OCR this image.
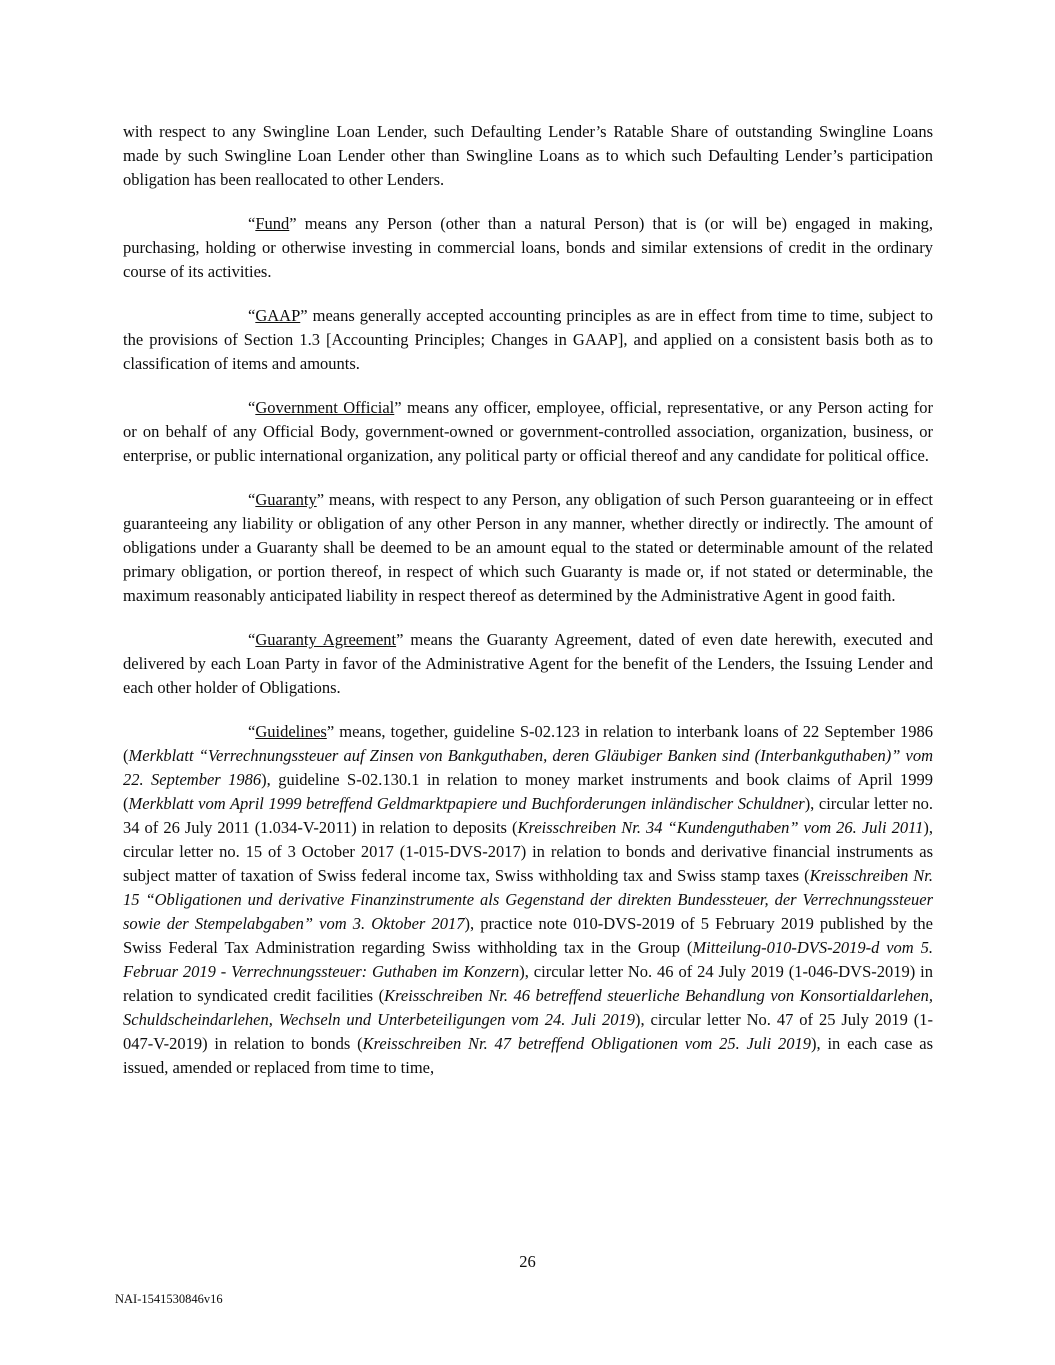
with respect to any Swingline Loan Lender, such Defaulting Lender’s Ratable Share of outstanding Swingline Loans made by such Swingline Loan Lender other than Swingline Loans as to which such Defaulting Lender’s participation obligation has been reallocated to other Lenders.

“Fund” means any Person (other than a natural Person) that is (or will be) engaged in making, purchasing, holding or otherwise investing in commercial loans, bonds and similar extensions of credit in the ordinary course of its activities.

“GAAP” means generally accepted accounting principles as are in effect from time to time, subject to the provisions of Section 1.3 [Accounting Principles; Changes in GAAP], and applied on a consistent basis both as to classification of items and amounts.

“Government Official” means any officer, employee, official, representative, or any Person acting for or on behalf of any Official Body, government-owned or government-controlled association, organization, business, or enterprise, or public international organization, any political party or official thereof and any candidate for political office.

“Guaranty” means, with respect to any Person, any obligation of such Person guaranteeing or in effect guaranteeing any liability or obligation of any other Person in any manner, whether directly or indirectly. The amount of obligations under a Guaranty shall be deemed to be an amount equal to the stated or determinable amount of the related primary obligation, or portion thereof, in respect of which such Guaranty is made or, if not stated or determinable, the maximum reasonably anticipated liability in respect thereof as determined by the Administrative Agent in good faith.

“Guaranty Agreement” means the Guaranty Agreement, dated of even date herewith, executed and delivered by each Loan Party in favor of the Administrative Agent for the benefit of the Lenders, the Issuing Lender and each other holder of Obligations.

“Guidelines” means, together, guideline S-02.123 in relation to interbank loans of 22 September 1986 (Merkblatt “Verrechnungssteuer auf Zinsen von Bankguthaben, deren Gläubiger Banken sind (Interbankguthaben)” vom 22. September 1986), guideline S-02.130.1 in relation to money market instruments and book claims of April 1999 (Merkblatt vom April 1999 betreffend Geldmarktpapiere und Buchforderungen inländischer Schuldner), circular letter no. 34 of 26 July 2011 (1.034-V-2011) in relation to deposits (Kreisschreiben Nr. 34 “Kundenguthaben” vom 26. Juli 2011), circular letter no. 15 of 3 October 2017 (1-015-DVS-2017) in relation to bonds and derivative financial instruments as subject matter of taxation of Swiss federal income tax, Swiss withholding tax and Swiss stamp taxes (Kreisschreiben Nr. 15 “Obligationen und derivative Finanzinstrumente als Gegenstand der direkten Bundessteuer, der Verrechnungssteuer sowie der Stempelabgaben” vom 3. Oktober 2017), practice note 010-DVS-2019 of 5 February 2019 published by the Swiss Federal Tax Administration regarding Swiss withholding tax in the Group (Mitteilung-010-DVS-2019-d vom 5. Februar 2019 - Verrechnungssteuer: Guthaben im Konzern), circular letter No. 46 of 24 July 2019 (1-046-DVS-2019) in relation to syndicated credit facilities (Kreisschreiben Nr. 46 betreffend steuerliche Behandlung von Konsortialdarlehen, Schuldscheindarlehen, Wechseln und Unterbeteiligungen vom 24. Juli 2019), circular letter No. 47 of 25 July 2019 (1-047-V-2019) in relation to bonds (Kreisschreiben Nr. 47 betreffend Obligationen vom 25. Juli 2019), in each case as issued, amended or replaced from time to time,

26
NAI-1541530846v16
